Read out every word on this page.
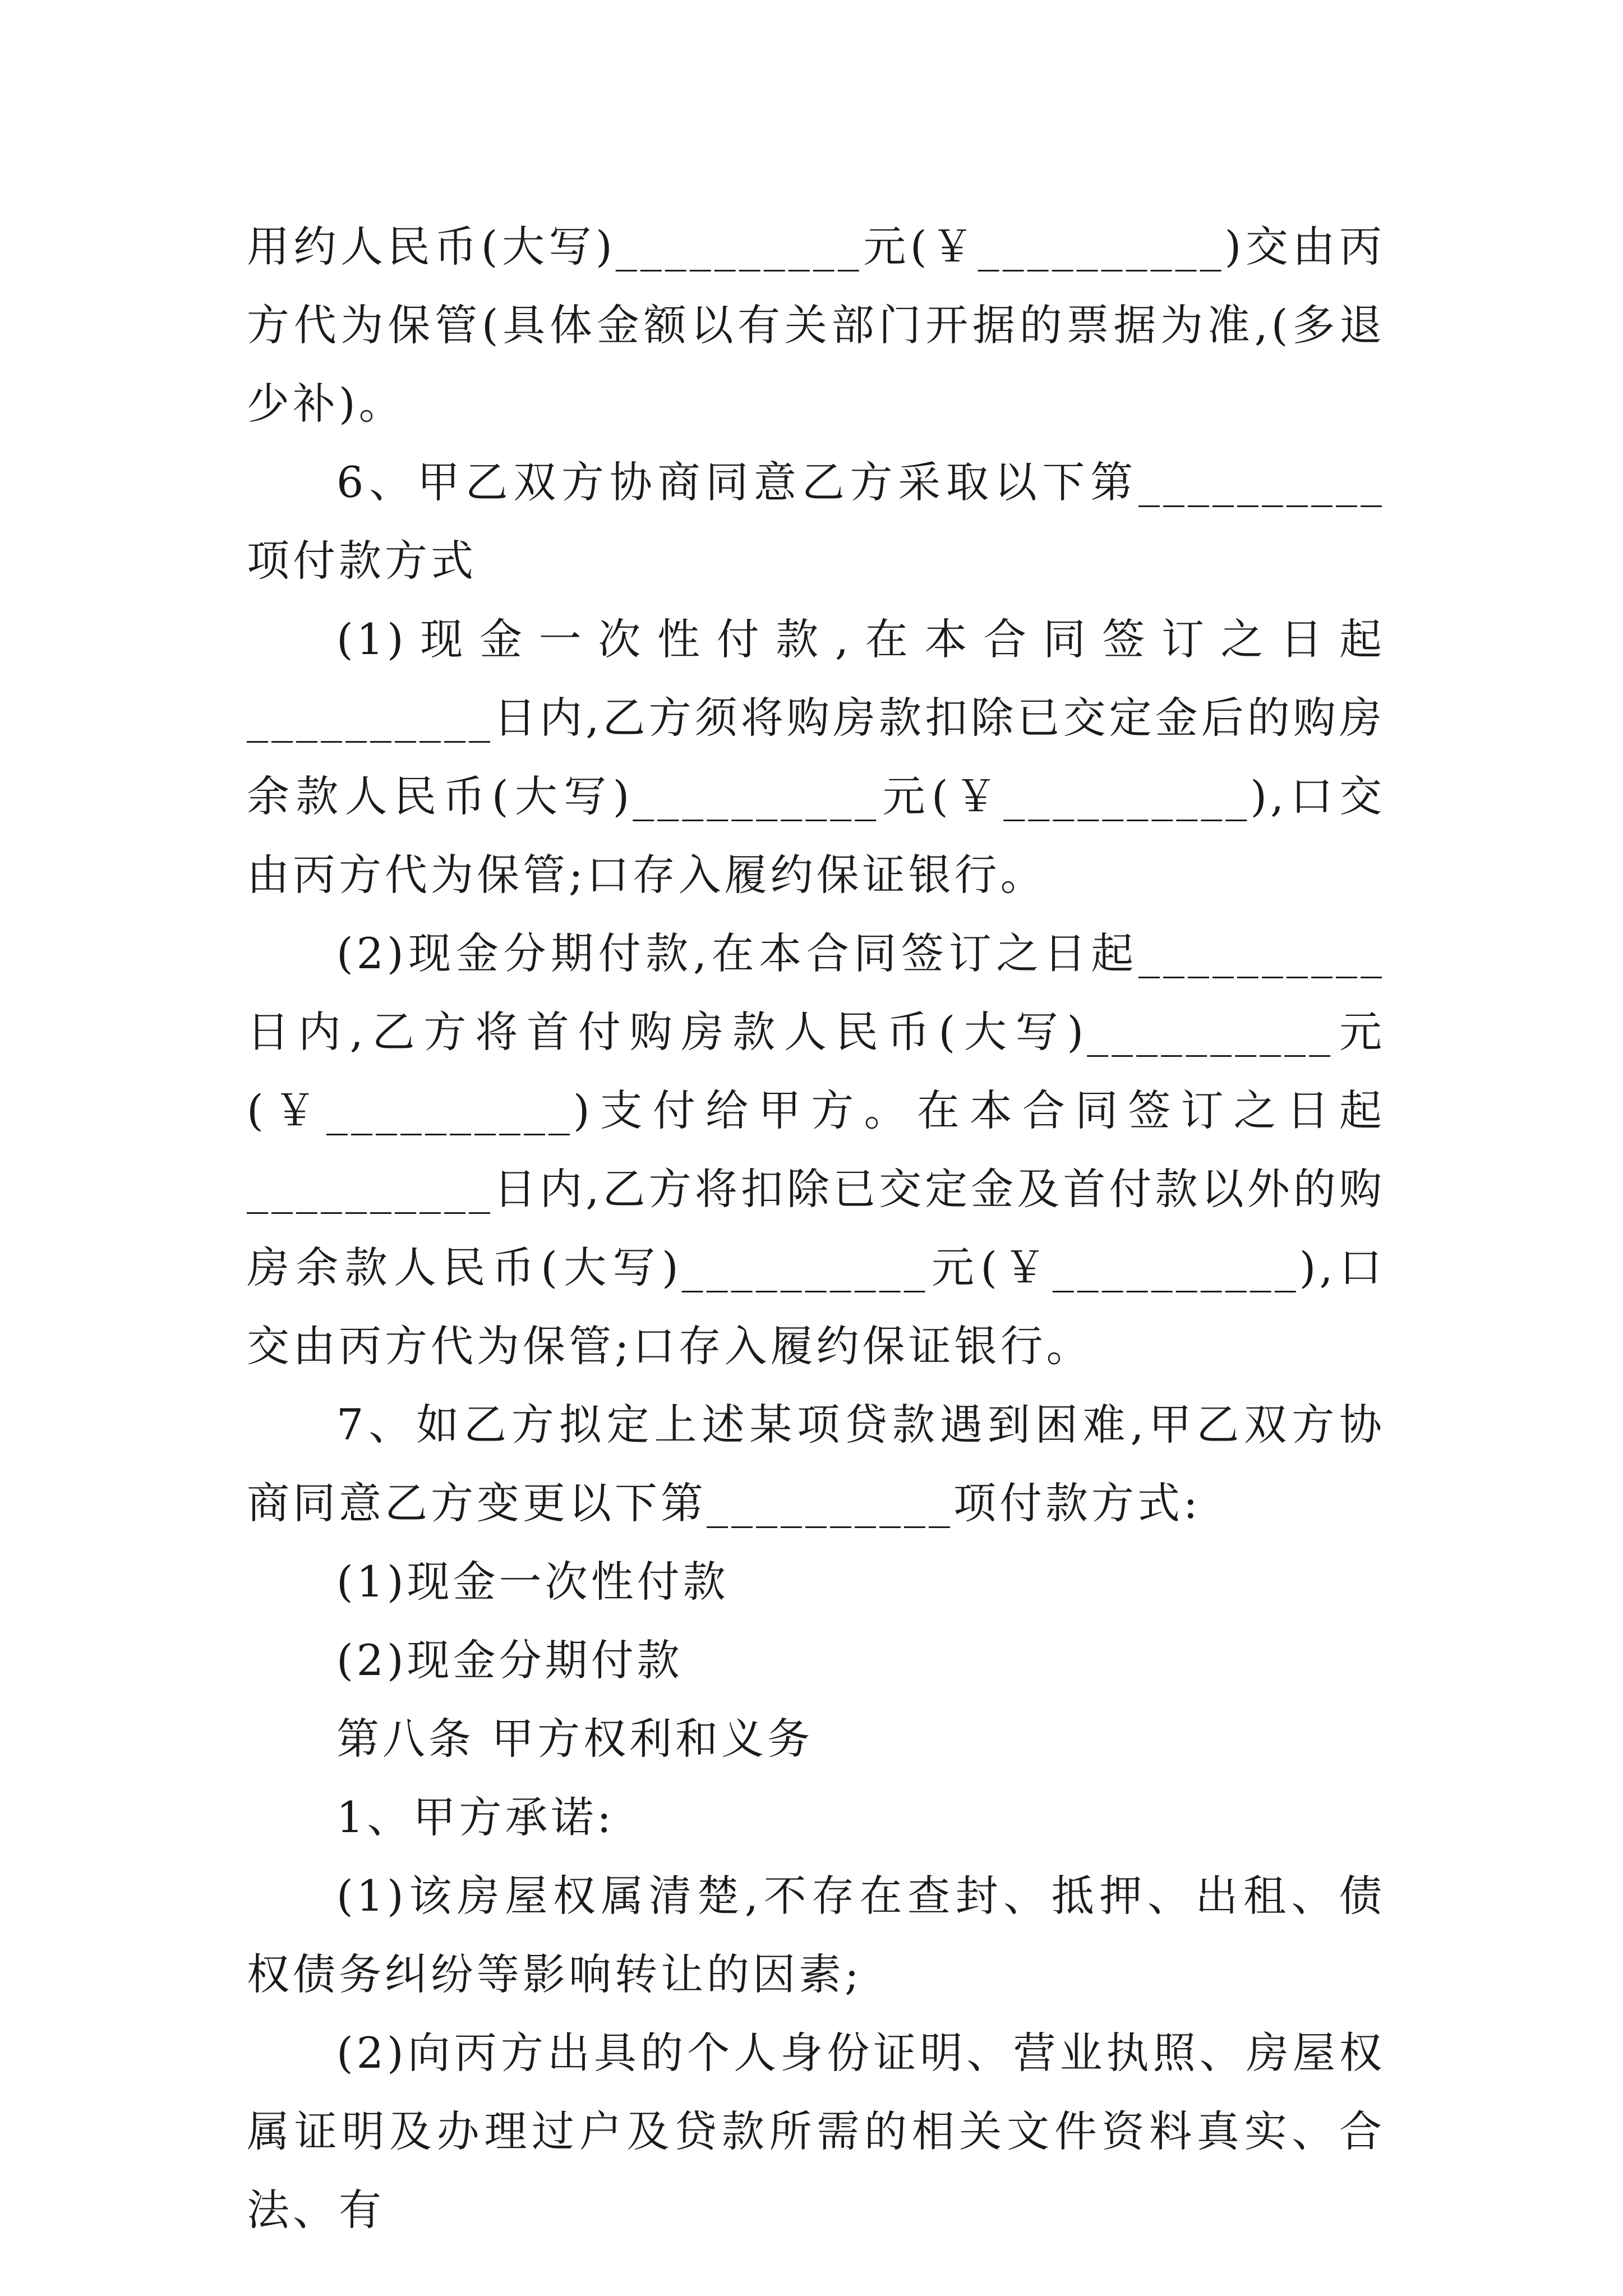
用约人民币(大写)__________元(￥__________)交由丙方代为保管(具体金额以有关部门开据的票据为准,(多退少补)。

6、甲乙双方协商同意乙方采取以下第__________项付款方式

(1)现金一次性付款,在本合同签订之日起__________日内,乙方须将购房款扣除已交定金后的购房余款人民币(大写)__________元(￥__________),口交由丙方代为保管;口存入履约保证银行。

(2)现金分期付款,在本合同签订之日起__________日内,乙方将首付购房款人民币(大写)__________元(￥__________)支付给甲方。在本合同签订之日起__________日内,乙方将扣除已交定金及首付款以外的购房余款人民币(大写)__________元(￥__________),口交由丙方代为保管;口存入履约保证银行。

7、如乙方拟定上述某项贷款遇到困难,甲乙双方协商同意乙方变更以下第__________项付款方式:

(1)现金一次性付款

(2)现金分期付款

第八条 甲方权利和义务

1、甲方承诺:

(1)该房屋权属清楚,不存在查封、抵押、出租、债权债务纠纷等影响转让的因素;

(2)向丙方出具的个人身份证明、营业执照、房屋权属证明及办理过户及贷款所需的相关文件资料真实、合法、有
